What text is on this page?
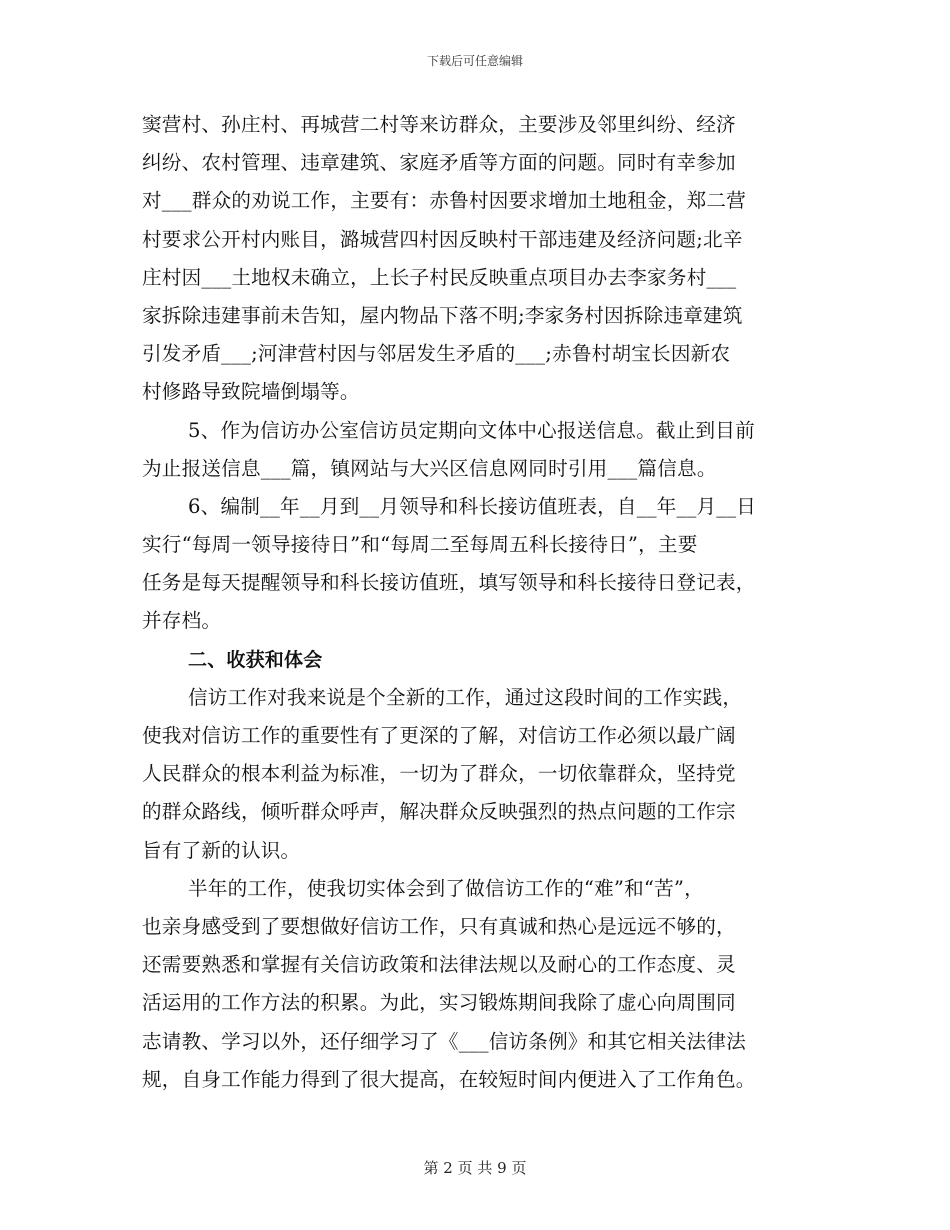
下载后可任意编辑
窦营村、孙庄村、再城营二村等来访群众，主要涉及邻里纠纷、经济
纠纷、农村管理、违章建筑、家庭矛盾等方面的问题。同时有幸参加
对___群众的劝说工作，主要有：赤鲁村因要求增加土地租金，郑二营
村要求公开村内账目，潞城营四村因反映村干部违建及经济问题;北辛
庄村因___土地权未确立，上长子村民反映重点项目办去李家务村___
家拆除违建事前未告知，屋内物品下落不明;李家务村因拆除违章建筑
引发矛盾___;河津营村因与邻居发生矛盾的___;赤鲁村胡宝长因新农
村修路导致院墙倒塌等。
5、作为信访办公室信访员定期向文体中心报送信息。截止到目前
为止报送信息___篇，镇网站与大兴区信息网同时引用___篇信息。
6、编制__年__月到__月领导和科长接访值班表，自__年__月__日
实行“每周一领导接待日”和“每周二至每周五科长接待日”，主要
任务是每天提醒领导和科长接访值班，填写领导和科长接待日登记表，
并存档。
二、收获和体会
信访工作对我来说是个全新的工作，通过这段时间的工作实践，
使我对信访工作的重要性有了更深的了解，对信访工作必须以最广阔
人民群众的根本利益为标准，一切为了群众，一切依靠群众，坚持党
的群众路线，倾听群众呼声，解决群众反映强烈的热点问题的工作宗
旨有了新的认识。
半年的工作，使我切实体会到了做信访工作的“难”和“苦”，
也亲身感受到了要想做好信访工作，只有真诚和热心是远远不够的，
还需要熟悉和掌握有关信访政策和法律法规以及耐心的工作态度、灵
活运用的工作方法的积累。为此，实习锻炼期间我除了虚心向周围同
志请教、学习以外，还仔细学习了《___信访条例》和其它相关法律法
规，自身工作能力得到了很大提高，在较短时间内便进入了工作角色。
第 2 页 共 9 页
